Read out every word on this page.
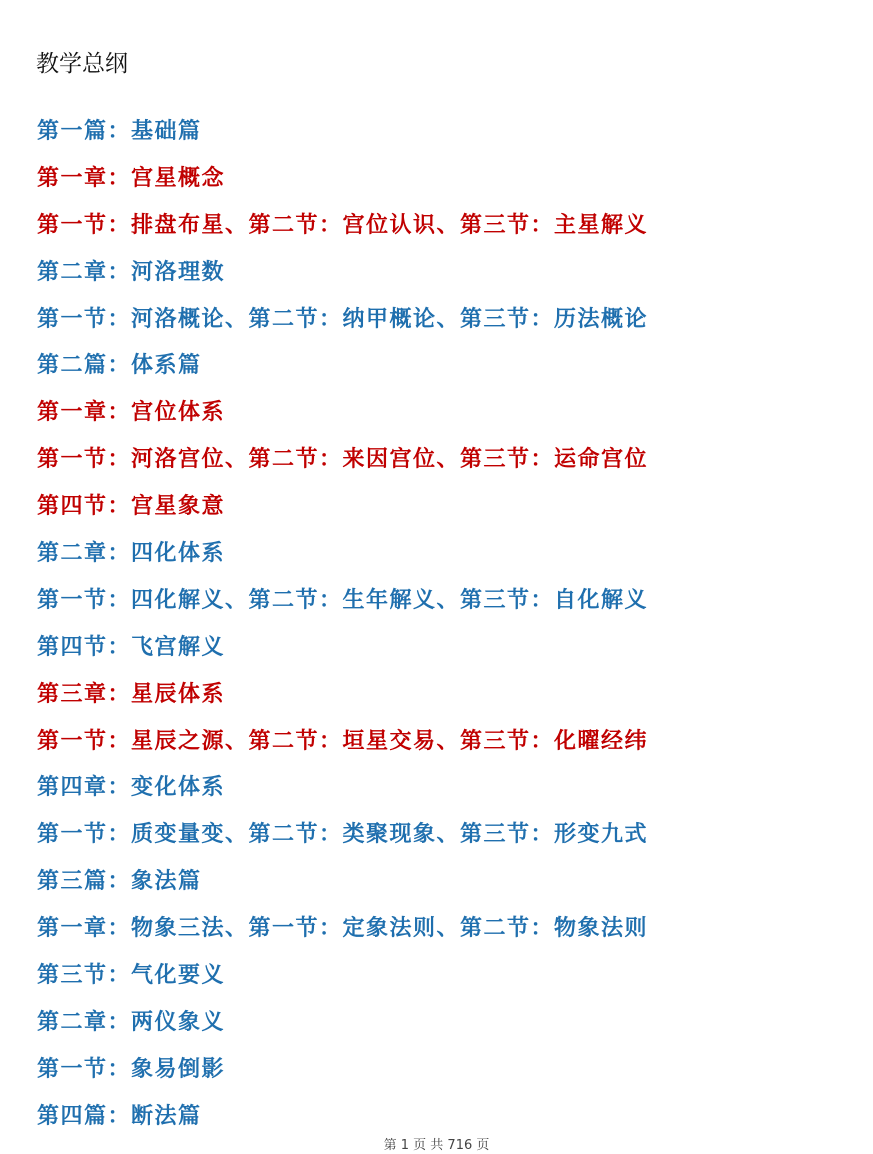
教学总纲
第一篇：基础篇
第一章：宫星概念
第一节：排盘布星、第二节：宫位认识、第三节：主星解义
第二章：河洛理数
第一节：河洛概论、第二节：纳甲概论、第三节：历法概论
第二篇：体系篇
第一章：宫位体系
第一节：河洛宫位、第二节：来因宫位、第三节：运命宫位
第四节：宫星象意
第二章：四化体系
第一节：四化解义、第二节：生年解义、第三节：自化解义
第四节：飞宫解义
第三章：星辰体系
第一节：星辰之源、第二节：垣星交易、第三节：化曜经纬
第四章：变化体系
第一节：质变量变、第二节：类聚现象、第三节：形变九式
第三篇：象法篇
第一章：物象三法、第一节：定象法则、第二节：物象法则
第三节：气化要义
第二章：两仪象义
第一节：象易倒影
第四篇：断法篇
第 1 页 共 716 页
